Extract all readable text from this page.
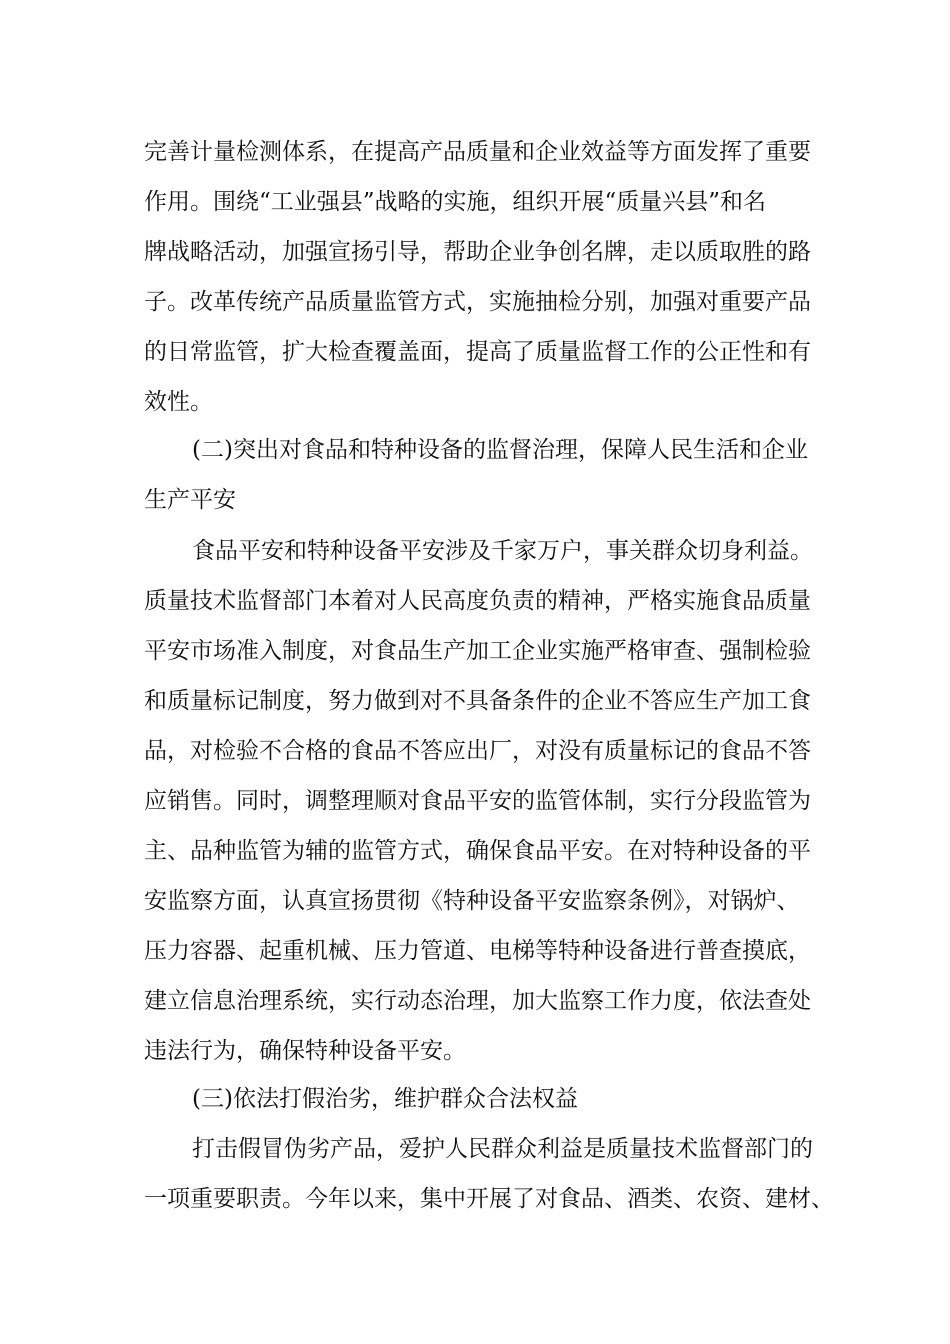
完善计量检测体系，在提高产品质量和企业效益等方面发挥了重要
作用。围绕“工业强县”战略的实施，组织开展“质量兴县”和名
牌战略活动，加强宣扬引导，帮助企业争创名牌，走以质取胜的路
子。改革传统产品质量监管方式，实施抽检分别，加强对重要产品
的日常监管，扩大检查覆盖面，提高了质量监督工作的公正性和有
效性。
(二)突出对食品和特种设备的监督治理，保障人民生活和企业
生产平安
食品平安和特种设备平安涉及千家万户，事关群众切身利益。
质量技术监督部门本着对人民高度负责的精神，严格实施食品质量
平安市场准入制度，对食品生产加工企业实施严格审查、强制检验
和质量标记制度，努力做到对不具备条件的企业不答应生产加工食
品，对检验不合格的食品不答应出厂，对没有质量标记的食品不答
应销售。同时，调整理顺对食品平安的监管体制，实行分段监管为
主、品种监管为辅的监管方式，确保食品平安。在对特种设备的平
安监察方面，认真宣扬贯彻《特种设备平安监察条例》，对锅炉、
压力容器、起重机械、压力管道、电梯等特种设备进行普查摸底，
建立信息治理系统，实行动态治理，加大监察工作力度，依法查处
违法行为，确保特种设备平安。
(三)依法打假治劣，维护群众合法权益
打击假冒伪劣产品，爱护人民群众利益是质量技术监督部门的
一项重要职责。今年以来，集中开展了对食品、酒类、农资、建材、
